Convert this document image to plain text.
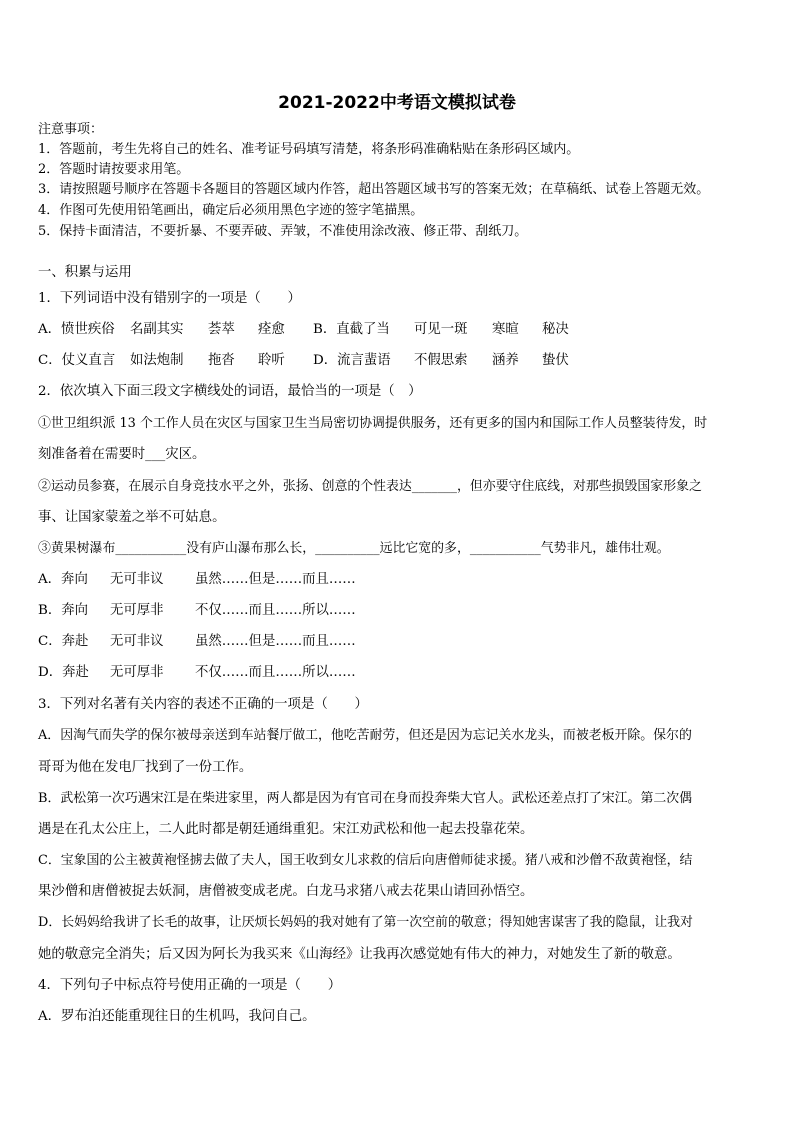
2021-2022中考语文模拟试卷
注意事项：
1．答题前，考生先将自己的姓名、准考证号码填写清楚，将条形码准确粘贴在条形码区域内。
2．答题时请按要求用笔。
3．请按照题号顺序在答题卡各题目的答题区域内作答，超出答题区域书写的答案无效；在草稿纸、试卷上答题无效。
4．作图可先使用铅笔画出，确定后必须用黑色字迹的签字笔描黑。
5．保持卡面清洁，不要折暴、不要弄破、弄皱，不准使用涂改液、修正带、刮纸刀。
一、积累与运用
1．下列词语中没有错别字的一项是（　　）
A．愤世疾俗 名副其实 荟萃 痊愈 B．直截了当 可见一斑 寒暄 秘决
C．仗义直言 如法炮制 拖沓 聆听 D．流言蜚语 不假思索 涵养 蛰伏
2．依次填入下面三段文字横线处的词语，最恰当的一项是（　）
①世卫组织派 13 个工作人员在灾区与国家卫生当局密切协调提供服务，还有更多的国内和国际工作人员整装待发，时
刻准备着在需要时___灾区。
②运动员参赛，在展示自身竞技水平之外，张扬、创意的个性表达_______，但亦要守住底线，对那些损毁国家形象之
事、让国家蒙羞之举不可姑息。
③黄果树瀑布___________没有庐山瀑布那么长，__________远比它宽的多，___________气势非凡，雄伟壮观。
A．奔向 无可非议 虽然……但是……而且……
B．奔向 无可厚非 不仅……而且……所以……
C．奔赴 无可非议 虽然……但是……而且……
D．奔赴 无可厚非 不仅……而且……所以……
3．下列对名著有关内容的表述不正确的一项是（　　）
A．因淘气而失学的保尔被母亲送到车站餐厅做工，他吃苦耐劳，但还是因为忘记关水龙头，而被老板开除。保尔的
哥哥为他在发电厂找到了一份工作。
B．武松第一次巧遇宋江是在柴进家里，两人都是因为有官司在身而投奔柴大官人。武松还差点打了宋江。第二次偶
遇是在孔太公庄上，二人此时都是朝廷通缉重犯。宋江劝武松和他一起去投靠花荣。
C．宝象国的公主被黄袍怪掳去做了夫人，国王收到女儿求救的信后向唐僧师徒求援。猪八戒和沙僧不敌黄袍怪，结
果沙僧和唐僧被捉去妖洞，唐僧被变成老虎。白龙马求猪八戒去花果山请回孙悟空。
D．长妈妈给我讲了长毛的故事，让厌烦长妈妈的我对她有了第一次空前的敬意；得知她害谋害了我的隐鼠，让我对
她的敬意完全消失；后又因为阿长为我买来《山海经》让我再次感觉她有伟大的神力，对她发生了新的敬意。
4．下列句子中标点符号使用正确的一项是（　　）
A．罗布泊还能重现往日的生机吗，我问自己。
